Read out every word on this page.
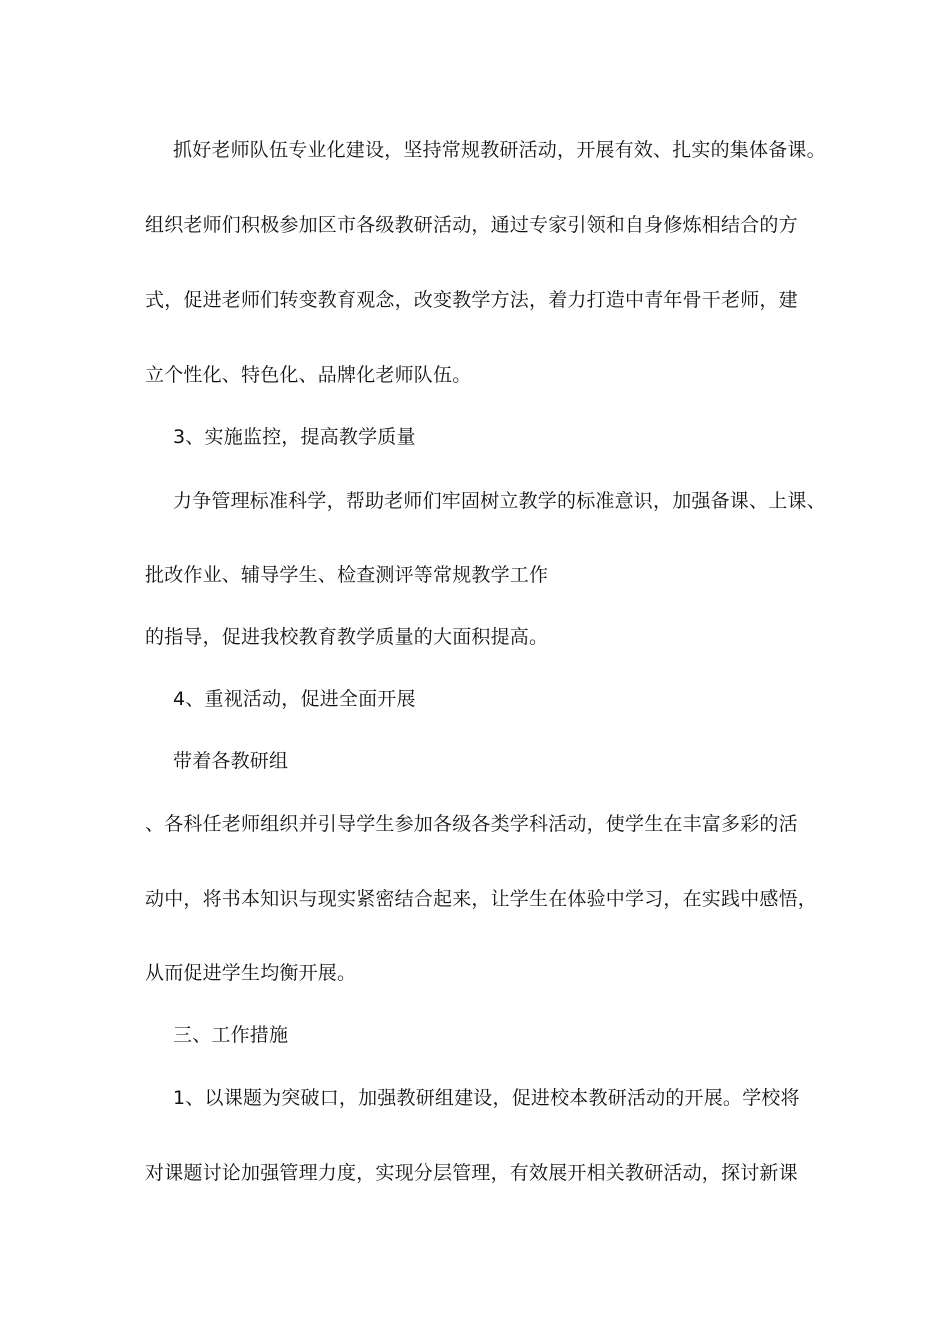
抓好老师队伍专业化建设，坚持常规教研活动，开展有效、扎实的集体备课。
组织老师们积极参加区市各级教研活动，通过专家引领和自身修炼相结合的方
式，促进老师们转变教育观念，改变教学方法，着力打造中青年骨干老师，建
立个性化、特色化、品牌化老师队伍。
3、实施监控，提高教学质量
力争管理标准科学，帮助老师们牢固树立教学的标准意识，加强备课、上课、
批改作业、辅导学生、检查测评等常规教学工作
的指导，促进我校教育教学质量的大面积提高。
4、重视活动，促进全面开展
带着各教研组
、各科任老师组织并引导学生参加各级各类学科活动，使学生在丰富多彩的活
动中，将书本知识与现实紧密结合起来，让学生在体验中学习，在实践中感悟，
从而促进学生均衡开展。
三、工作措施
1、以课题为突破口，加强教研组建设，促进校本教研活动的开展。学校将
对课题讨论加强管理力度，实现分层管理，有效展开相关教研活动，探讨新课
